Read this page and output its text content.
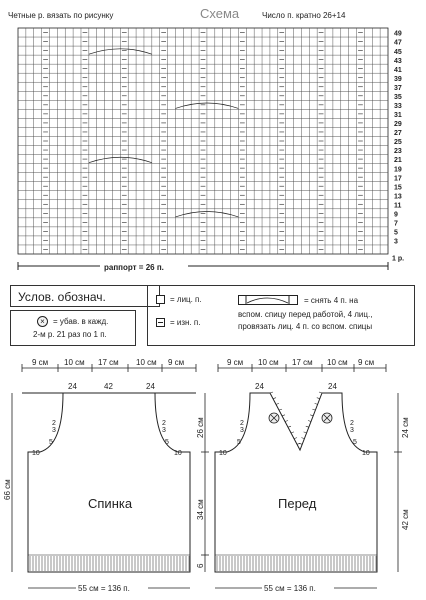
Четные р. вязать по рисунку	Схема	Число п. кратно 26+14
1 р.
3
5
7
9
11
13
15
17
19
21
23
25
27
29
31
33
35
37
39
41
43
45
47
49
раппорт = 26 п.
Спинка
24	42	24
2
3
5
10
2
3
5
10
9 см 10 см 17 см 10 см 9 см
66 см
55 см = 136 п.
Перед
24	24
2
3
5
10
2
3
5
10
9 см 10 см 17 см 10 см 9 см
26 см
34 см
6
24 см
42 см
55 см = 136 п.
Услов. обознач.
×	= убав. в кажд.
2-м р. 21 раз по 1 п.
= лиц. п.
= изн. п.
= снять 4 п. на
вспом. спицу перед работой, 4 лиц.,
провязать лиц. 4 п. со вспом. спицы
